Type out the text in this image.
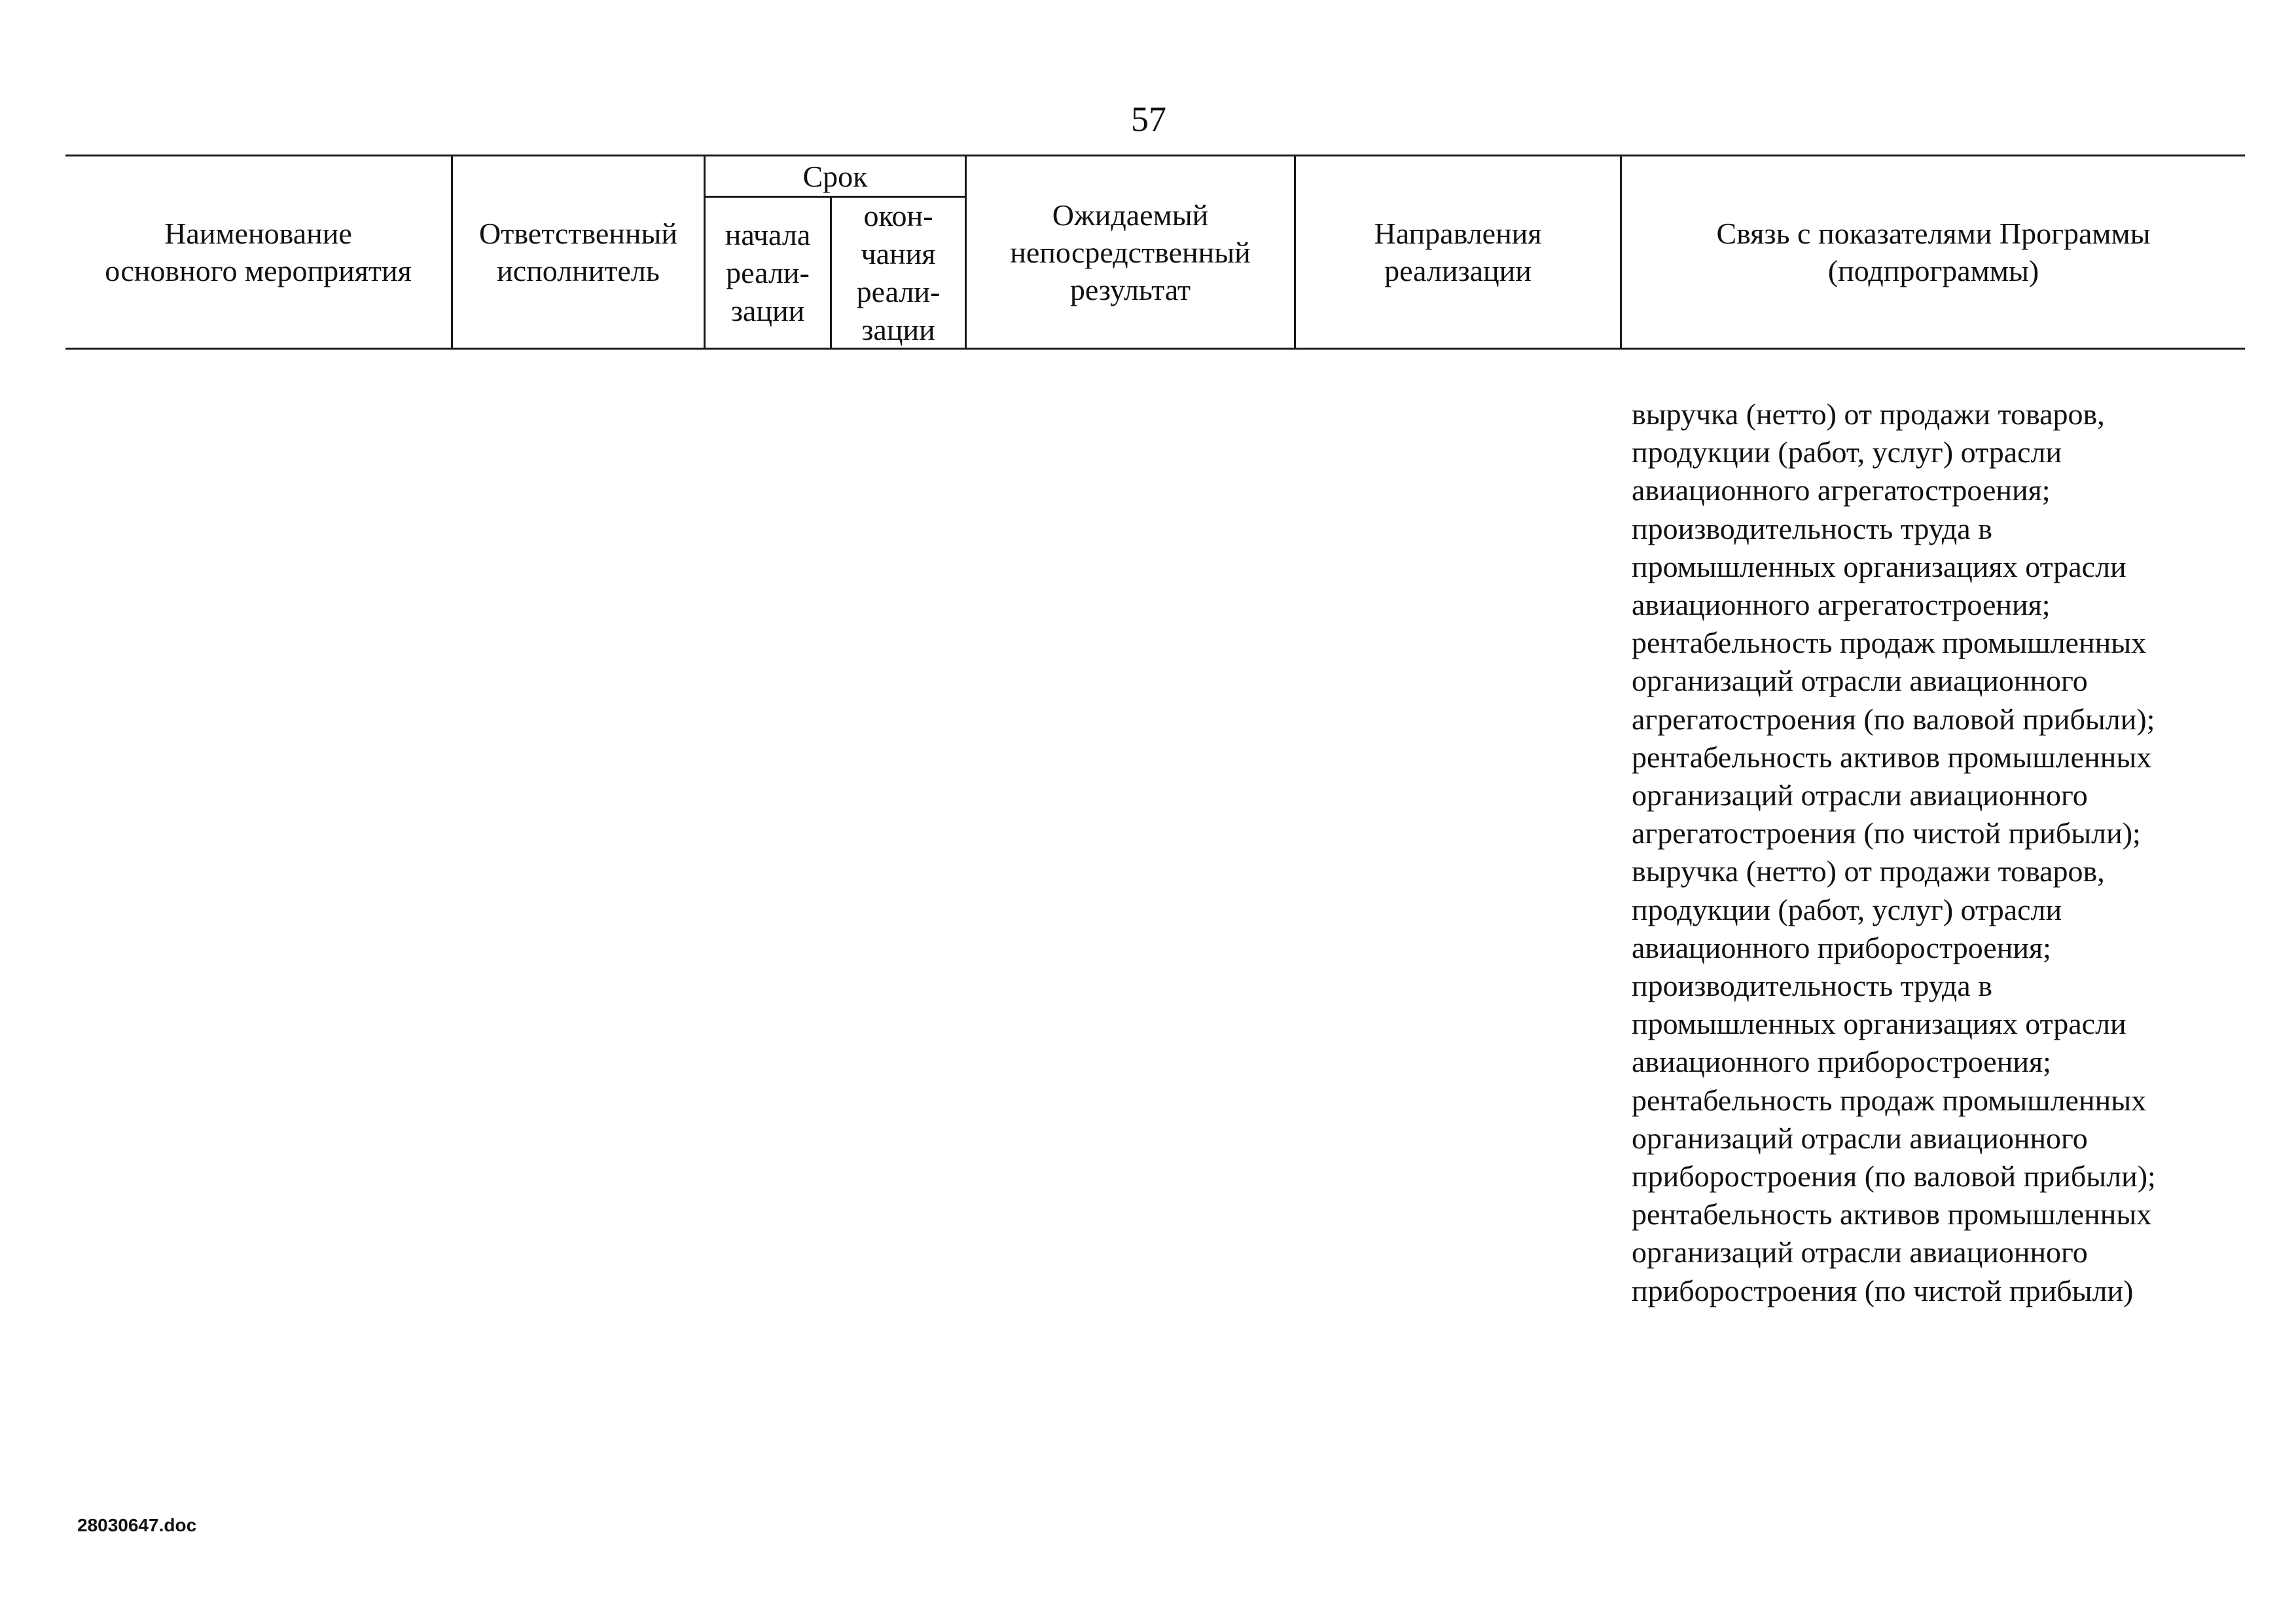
57
Наименование
основного мероприятия
Ответственный
исполнитель
Срок
начала
реали-
зации
окон-
чания
реали-
зации
Ожидаемый
непосредственный
результат
Направления
реализации
Связь с показателями Программы
(подпрограммы)
выручка (нетто) от продажи товаров,
продукции (работ, услуг) отрасли
авиационного агрегатостроения;
производительность труда в
промышленных организациях отрасли
авиационного агрегатостроения;
рентабельность продаж промышленных
организаций отрасли авиационного
агрегатостроения (по валовой прибыли);
рентабельность активов промышленных
организаций отрасли авиационного
агрегатостроения (по чистой прибыли);
выручка (нетто) от продажи товаров,
продукции (работ, услуг) отрасли
авиационного приборостроения;
производительность труда в
промышленных организациях отрасли
авиационного приборостроения;
рентабельность продаж промышленных
организаций отрасли авиационного
приборостроения (по валовой прибыли);
рентабельность активов промышленных
организаций отрасли авиационного
приборостроения (по чистой прибыли)
28030647.doc
